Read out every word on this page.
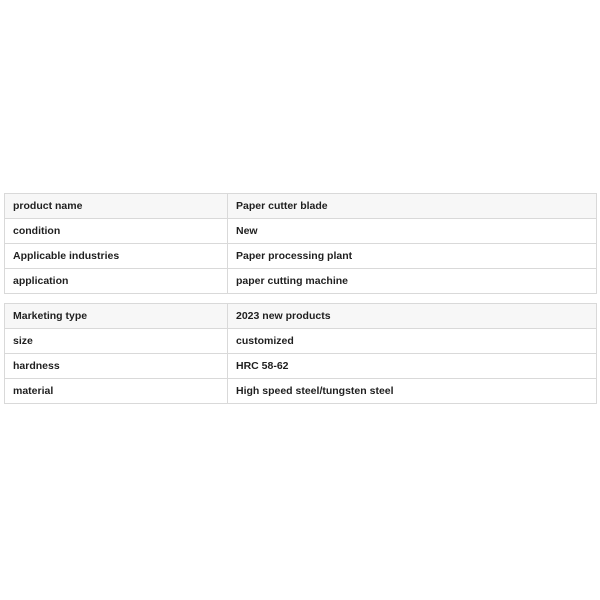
product name	Paper cutter blade
condition	New
Applicable industries	Paper processing plant
application	paper cutting machine
Marketing type	2023 new products
size	customized
hardness	HRC 58-62
material	High speed steel/tungsten steel
